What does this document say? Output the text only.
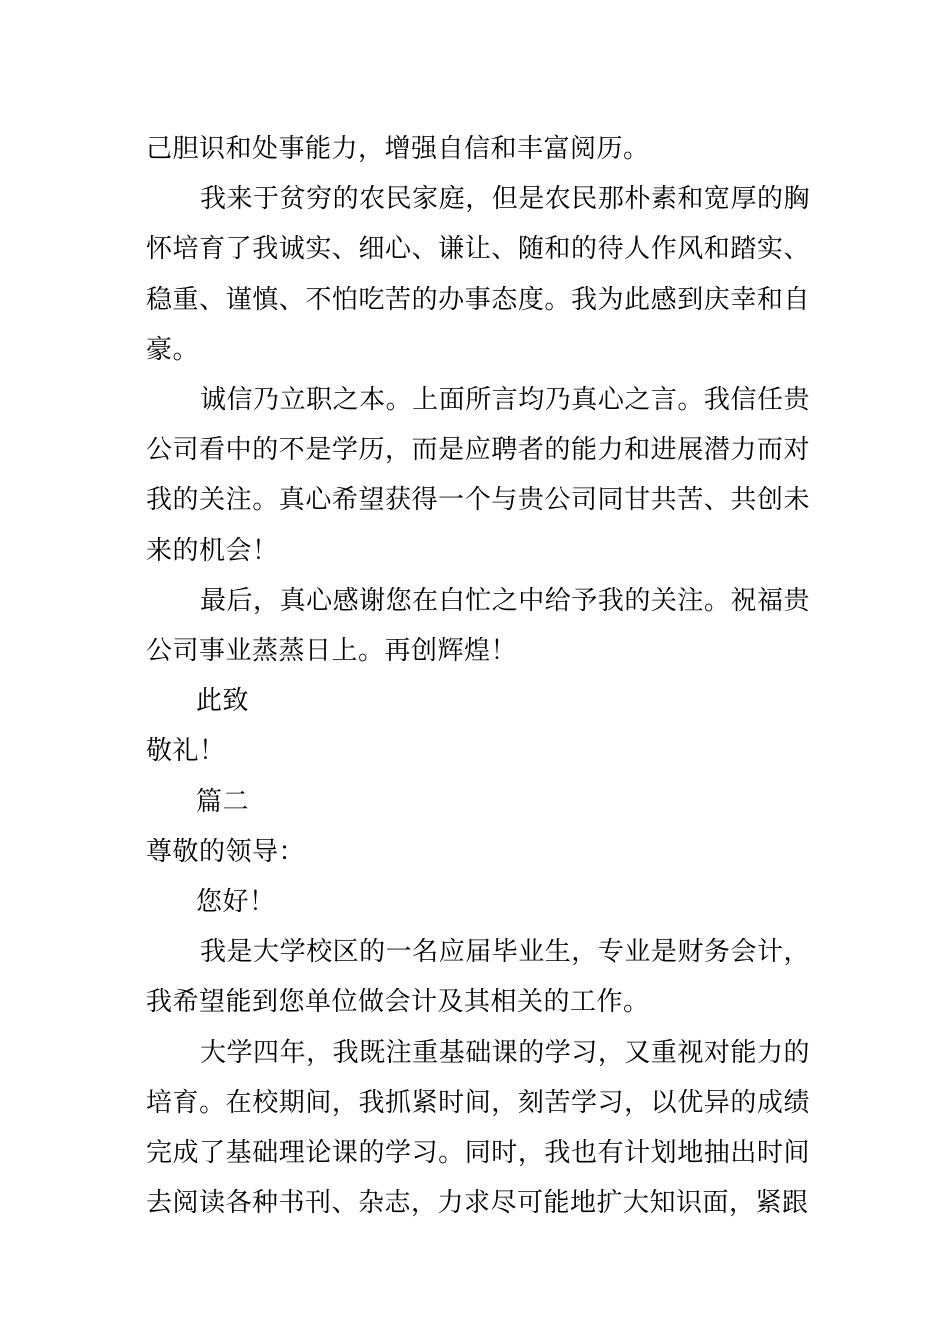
己胆识和处事能力，增强自信和丰富阅历。

我来于贫穷的农民家庭，但是农民那朴素和宽厚的胸怀培育了我诚实、细心、谦让、随和的待人作风和踏实、稳重、谨慎、不怕吃苦的办事态度。我为此感到庆幸和自豪。

诚信乃立职之本。上面所言均乃真心之言。我信任贵公司看中的不是学历，而是应聘者的能力和进展潜力而对我的关注。真心希望获得一个与贵公司同甘共苦、共创未来的机会！

最后，真心感谢您在白忙之中给予我的关注。祝福贵公司事业蒸蒸日上。再创辉煌！

此致

敬礼！

篇二

尊敬的领导：

您好！

我是大学校区的一名应届毕业生，专业是财务会计，我希望能到您单位做会计及其相关的工作。

大学四年，我既注重基础课的学习，又重视对能力的培育。在校期间，我抓紧时间，刻苦学习，以优异的成绩完成了基础理论课的学习。同时，我也有计划地抽出时间去阅读各种书刊、杂志，力求尽可能地扩大知识面，紧跟
